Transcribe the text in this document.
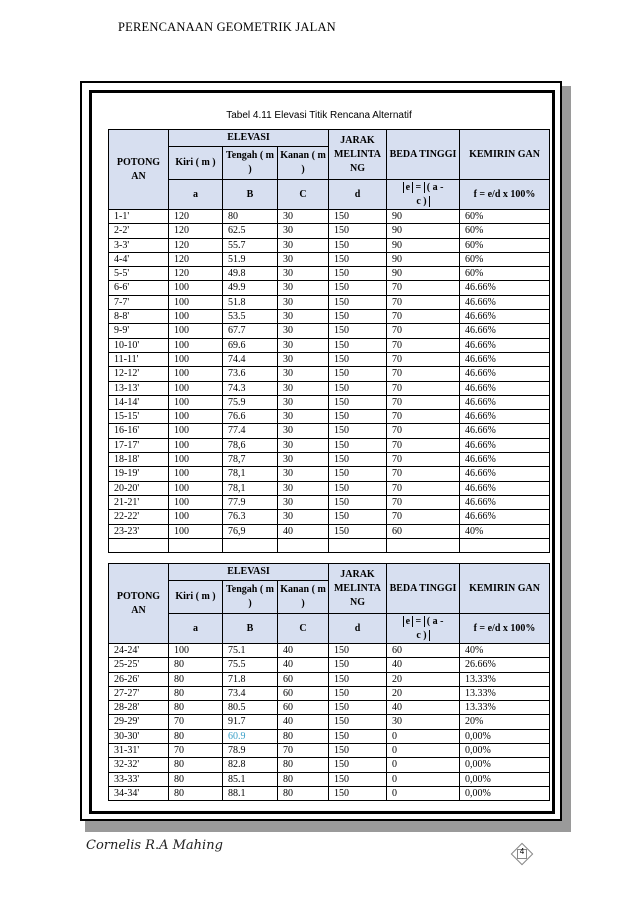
PERENCANAAN GEOMETRIK JALAN
Tabel 4.11 Elevasi Titik Rencana Alternatif
POTONG AN	ELEVASI			JARAK MELINTA NG	BEDA TINGGI	KEMIRIN GAN
	Kiri ( m )	Tengah ( m )	Kanan ( m )			
	a	B	C	d	e = ( a -
c )	f = e/d x 100%
1-1'	120	80	30	150	90	60%
2-2'	120	62.5	30	150	90	60%
3-3'	120	55.7	30	150	90	60%
4-4'	120	51.9	30	150	90	60%
5-5'	120	49.8	30	150	90	60%
6-6'	100	49.9	30	150	70	46.66%
7-7'	100	51.8	30	150	70	46.66%
8-8'	100	53.5	30	150	70	46.66%
9-9'	100	67.7	30	150	70	46.66%
10-10'	100	69.6	30	150	70	46.66%
11-11'	100	74.4	30	150	70	46.66%
12-12'	100	73.6	30	150	70	46.66%
13-13'	100	74.3	30	150	70	46.66%
14-14'	100	75.9	30	150	70	46.66%
15-15'	100	76.6	30	150	70	46.66%
16-16'	100	77.4	30	150	70	46.66%
17-17'	100	78,6	30	150	70	46.66%
18-18'	100	78,7	30	150	70	46.66%
19-19'	100	78,1	30	150	70	46.66%
20-20'	100	78,1	30	150	70	46.66%
21-21'	100	77.9	30	150	70	46.66%
22-22'	100	76.3	30	150	70	46.66%
23-23'	100	76,9	40	150	60	40%

POTONG AN	ELEVASI			JARAK MELINTA NG	BEDA TINGGI	KEMIRIN GAN
	Kiri ( m )	Tengah ( m )	Kanan ( m )			
	a	B	C	d	e = ( a -
c )	f = e/d x 100%
24-24'	100	75.1	40	150	60	40%
25-25'	80	75.5	40	150	40	26.66%
26-26'	80	71.8	60	150	20	13.33%
27-27'	80	73.4	60	150	20	13.33%
28-28'	80	80.5	60	150	40	13.33%
29-29'	70	91.7	40	150	30	20%
30-30'	80	60.9	80	150	0	0,00%
31-31'	70	78.9	70	150	0	0,00%
32-32'	80	82.8	80	150	0	0,00%
33-33'	80	85.1	80	150	0	0,00%
34-34'	80	88.1	80	150	0	0,00%
Cornelis R.A Mahing	4
